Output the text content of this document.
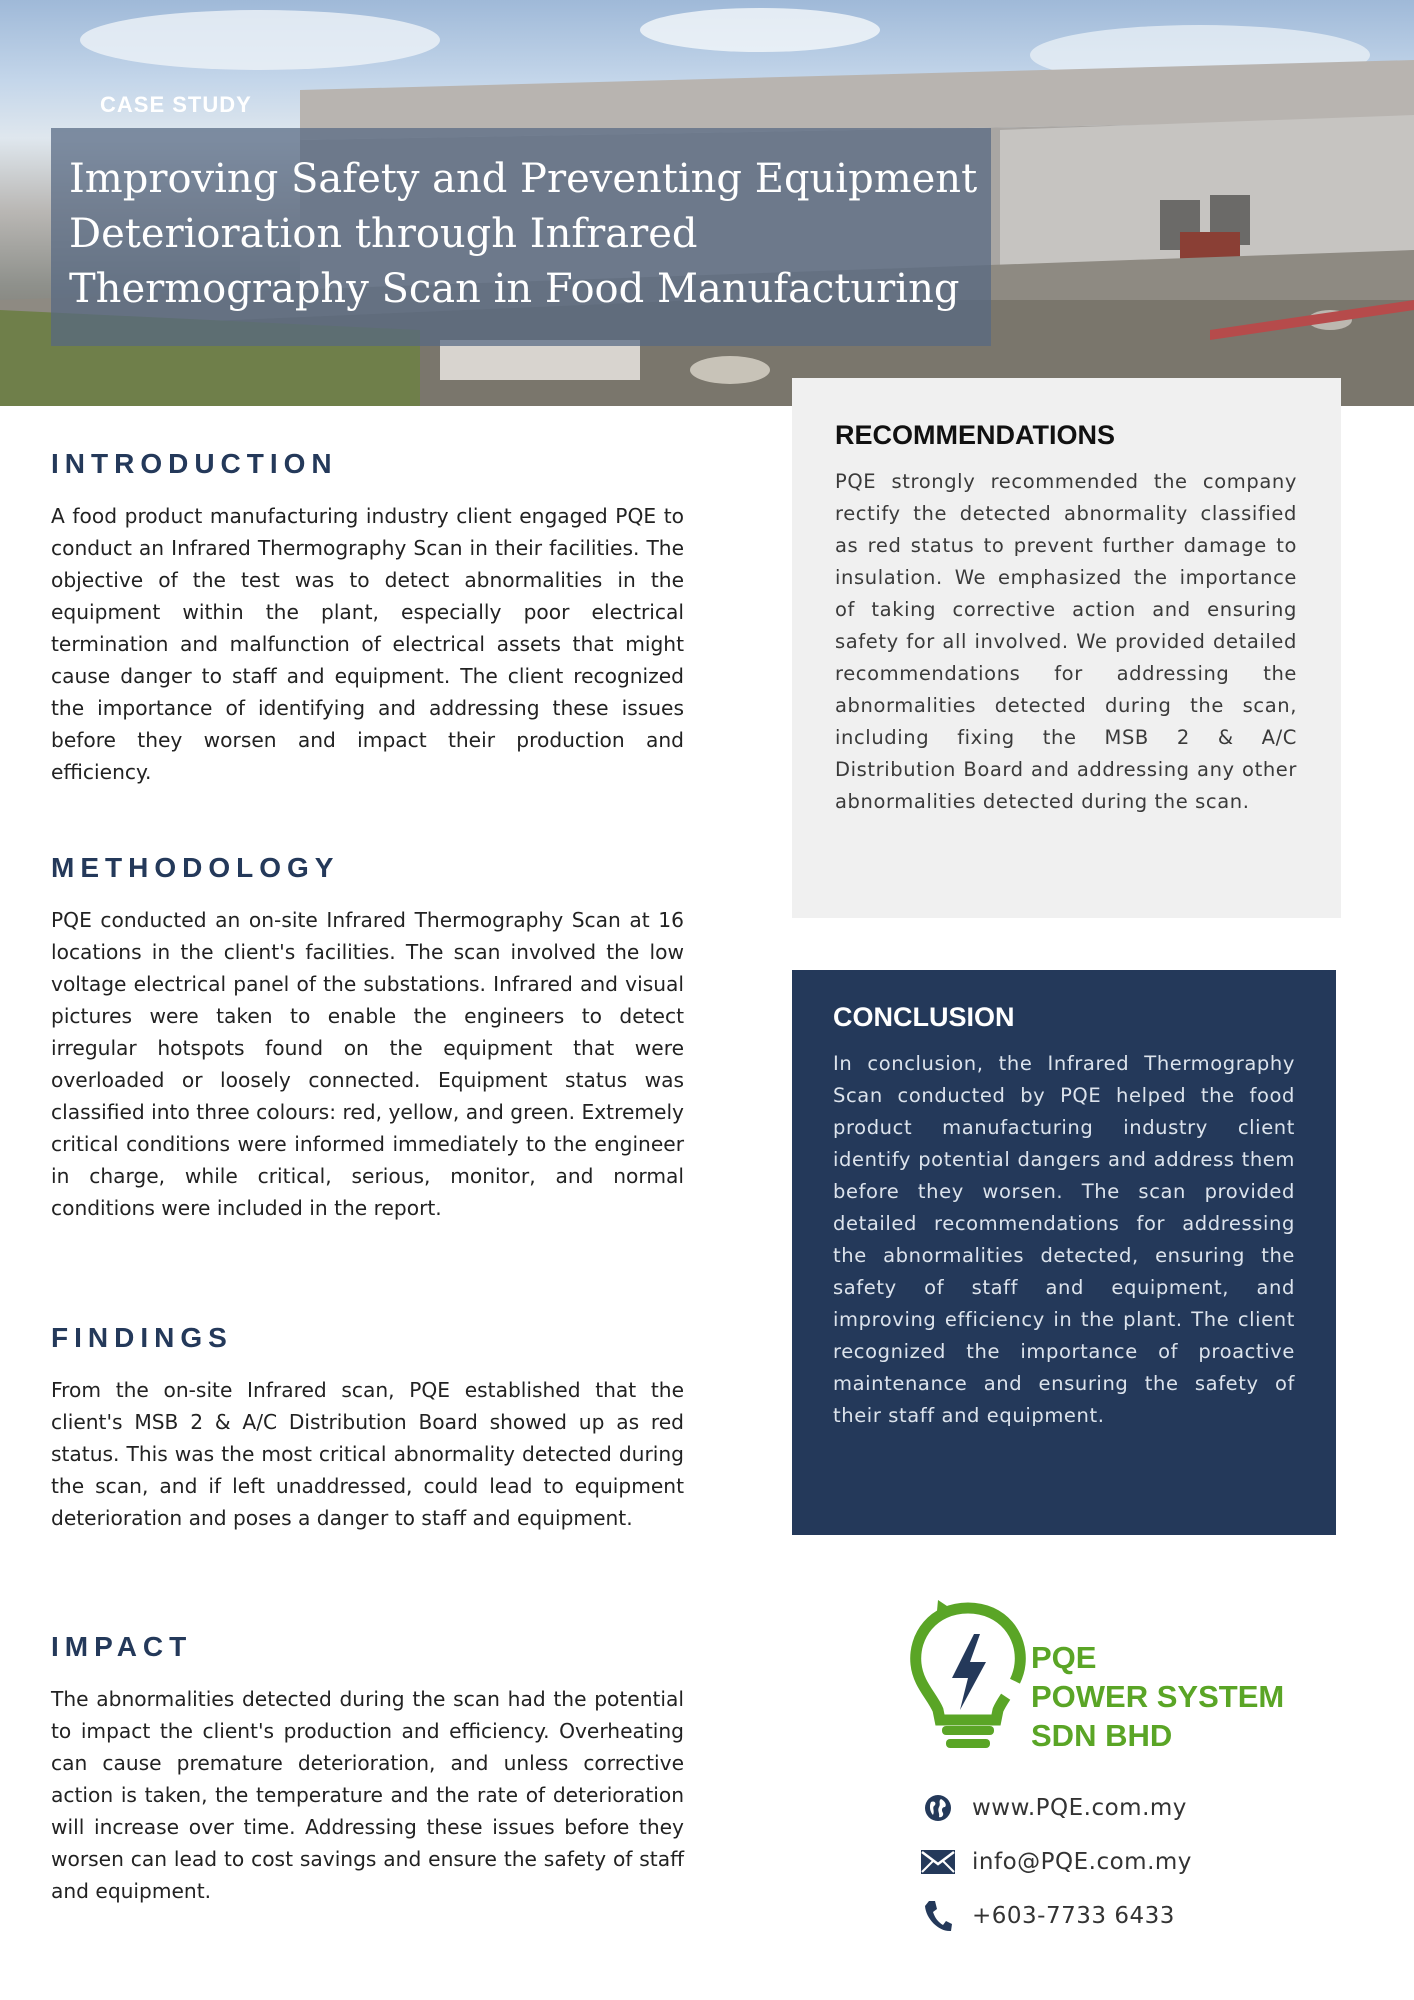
CASE STUDY
Improving Safety and Preventing Equipment Deterioration through Infrared Thermography Scan in Food Manufacturing
INTRODUCTION

A food product manufacturing industry client engaged PQE to conduct an Infrared Thermography Scan in their facilities. The objective of the test was to detect abnormalities in the equipment within the plant, especially poor electrical termination and malfunction of electrical assets that might cause danger to staff and equipment. The client recognized the importance of identifying and addressing these issues before they worsen and impact their production and efficiency.

METHODOLOGY

PQE conducted an on-site Infrared Thermography Scan at 16 locations in the client's facilities. The scan involved the low voltage electrical panel of the substations. Infrared and visual pictures were taken to enable the engineers to detect irregular hotspots found on the equipment that were overloaded or loosely connected. Equipment status was classified into three colours: red, yellow, and green. Extremely critical conditions were informed immediately to the engineer in charge, while critical, serious, monitor, and normal conditions were included in the report.

FINDINGS

From the on-site Infrared scan, PQE established that the client's MSB 2 & A/C Distribution Board showed up as red status. This was the most critical abnormality detected during the scan, and if left unaddressed, could lead to equipment deterioration and poses a danger to staff and equipment.

IMPACT

The abnormalities detected during the scan had the potential to impact the client's production and efficiency. Overheating can cause premature deterioration, and unless corrective action is taken, the temperature and the rate of deterioration will increase over time. Addressing these issues before they worsen can lead to cost savings and ensure the safety of staff and equipment.

RECOMMENDATIONS

PQE strongly recommended the company rectify the detected abnormality classified as red status to prevent further damage to insulation. We emphasized the importance of taking corrective action and ensuring safety for all involved. We provided detailed recommendations for addressing the abnormalities detected during the scan, including fixing the MSB 2 & A/C Distribution Board and addressing any other abnormalities detected during the scan.

CONCLUSION

In conclusion, the Infrared Thermography Scan conducted by PQE helped the food product manufacturing industry client identify potential dangers and address them before they worsen. The scan provided detailed recommendations for addressing the abnormalities detected, ensuring the safety of staff and equipment, and improving efficiency in the plant. The client recognized the importance of proactive maintenance and ensuring the safety of their staff and equipment.

PQE
POWER SYSTEM
SDN BHD
www.PQE.com.my
info@PQE.com.my
+603-7733 6433
